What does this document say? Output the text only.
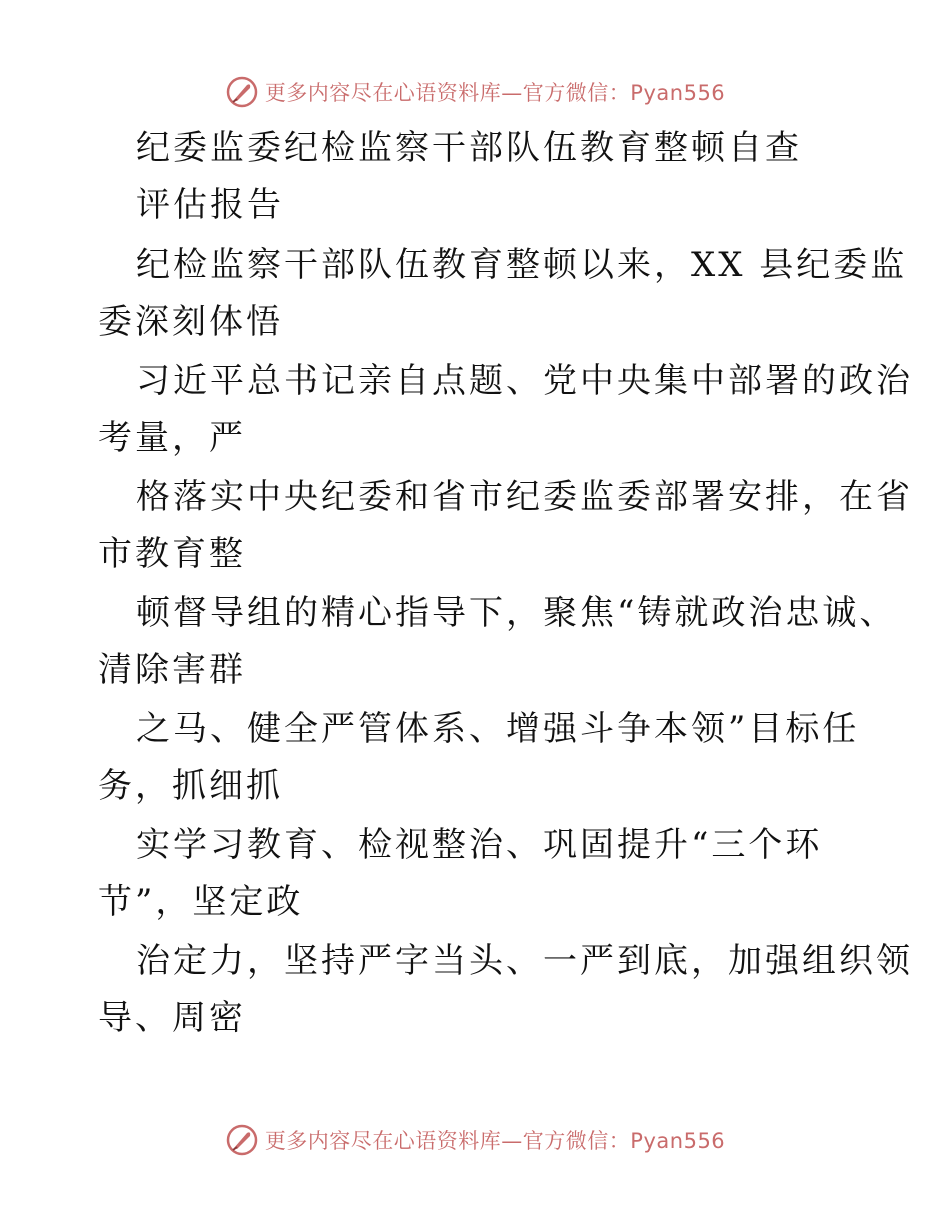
更多内容尽在心语资料库—官方微信：Pyan556
纪委监委纪检监察干部队伍教育整顿自查
评估报告
纪检监察干部队伍教育整顿以来，XX 县纪委监
委深刻体悟
习近平总书记亲自点题、党中央集中部署的政治
考量，严
格落实中央纪委和省市纪委监委部署安排，在省
市教育整
顿督导组的精心指导下，聚焦“铸就政治忠诚、
清除害群
之马、健全严管体系、增强斗争本领”目标任
务，抓细抓
实学习教育、检视整治、巩固提升“三个环
节”，坚定政
治定力，坚持严字当头、一严到底，加强组织领
导、周密
更多内容尽在心语资料库—官方微信：Pyan556
